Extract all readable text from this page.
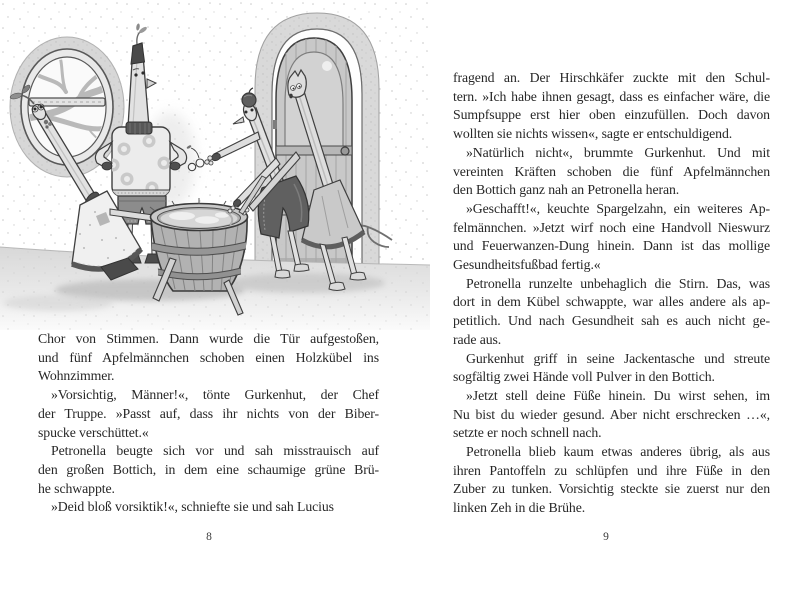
Chor von Stimmen. Dann wurde die Tür aufgestoßen,
und fünf Apfelmännchen schoben einen Holzkübel ins
Wohnzimmer.
»Vorsichtig, Männer!«, tönte Gurkenhut, der Chef
der Truppe. »Passt auf, dass ihr nichts von der Biber-
spucke verschüttet.«
Petronella beugte sich vor und sah misstrauisch auf
den großen Bottich, in dem eine schaumige grüne Brü-
he schwappte.
»Deid bloß vorsiktik!«, schniefte sie und sah Lucius
8
fragend an. Der Hirschkäfer zuckte mit den Schul-
tern. »Ich habe ihnen gesagt, dass es einfacher wäre, die
Sumpfsuppe erst hier oben einzufüllen. Doch davon
wollten sie nichts wissen«, sagte er entschuldigend.
»Natürlich nicht«, brummte Gurkenhut. Und mit
vereinten Kräften schoben die fünf Apfelmännchen
den Bottich ganz nah an Petronella heran.
»Geschafft!«, keuchte Spargelzahn, ein weiteres Ap-
felmännchen. »Jetzt wirf noch eine Handvoll Nieswurz
und Feuerwanzen-Dung hinein. Dann ist das mollige
Gesundheitsfußbad fertig.«
Petronella runzelte unbehaglich die Stirn. Das, was
dort in dem Kübel schwappte, war alles andere als ap-
petitlich. Und nach Gesundheit sah es auch nicht ge-
rade aus.
Gurkenhut griff in seine Jackentasche und streute
sogfältig zwei Hände voll Pulver in den Bottich.
»Jetzt stell deine Füße hinein. Du wirst sehen, im
Nu bist du wieder gesund. Aber nicht erschrecken …«,
setzte er noch schnell nach.
Petronella blieb kaum etwas anderes übrig, als aus
ihren Pantoffeln zu schlüpfen und ihre Füße in den
Zuber zu tunken. Vorsichtig steckte sie zuerst nur den
linken Zeh in die Brühe.
9
